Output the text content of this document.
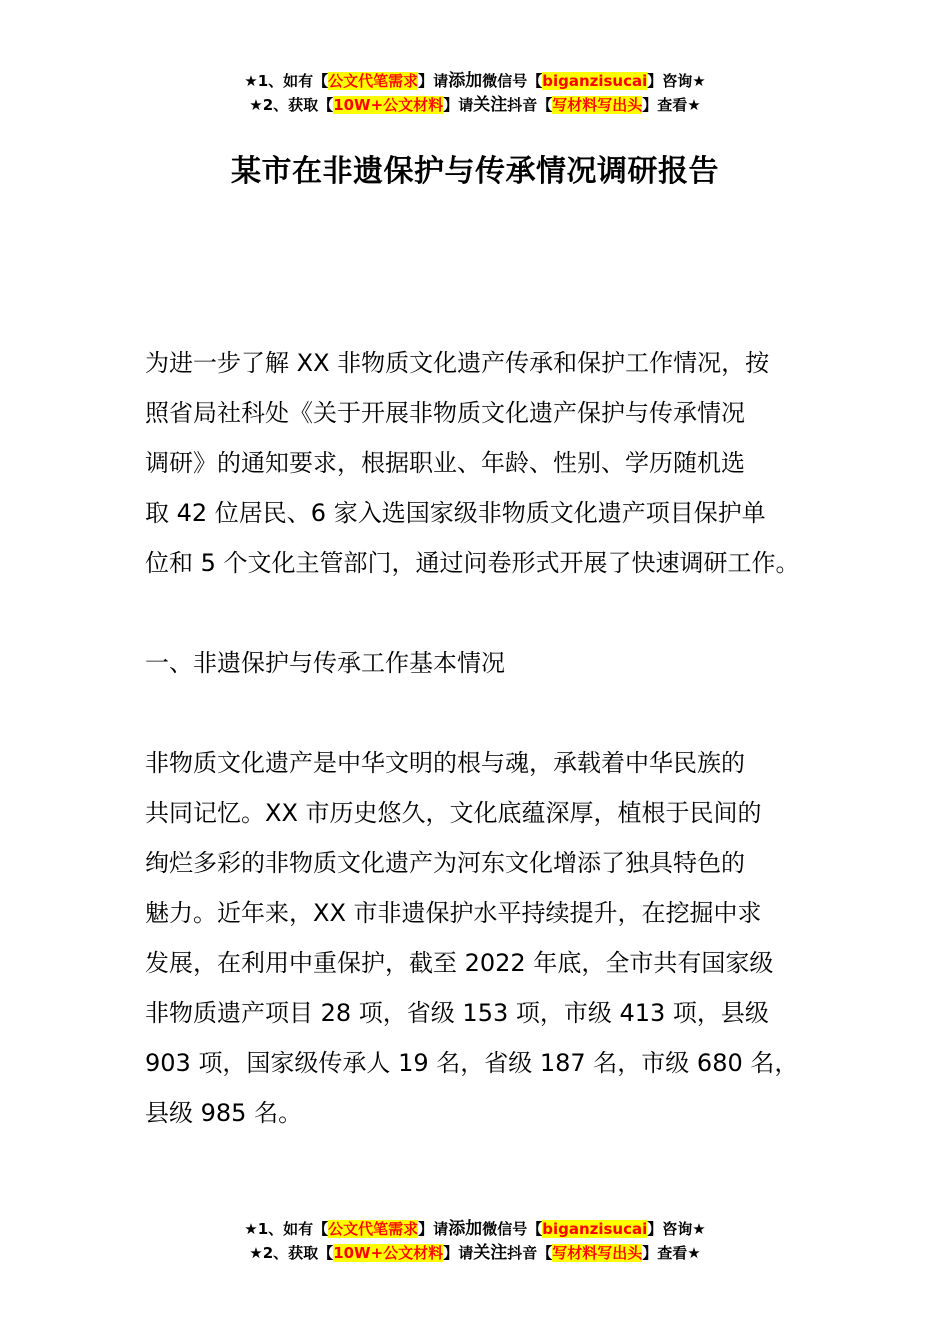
★1、如有【公文代笔需求】请添加微信号【biganzisucai】咨询★
★2、获取【10W+公文材料】请关注抖音【写材料写出头】查看★
某市在非遗保护与传承情况调研报告

为进一步了解 XX 非物质文化遗产传承和保护工作情况，按
照省局社科处《关于开展非物质文化遗产保护与传承情况
调研》的通知要求，根据职业、年龄、性别、学历随机选
取 42 位居民、6 家入选国家级非物质文化遗产项目保护单
位和 5 个文化主管部门，通过问卷形式开展了快速调研工作。

一、非遗保护与传承工作基本情况

非物质文化遗产是中华文明的根与魂，承载着中华民族的
共同记忆。XX 市历史悠久，文化底蕴深厚，植根于民间的
绚烂多彩的非物质文化遗产为河东文化增添了独具特色的
魅力。近年来，XX 市非遗保护水平持续提升，在挖掘中求
发展，在利用中重保护，截至 2022 年底，全市共有国家级
非物质遗产项目 28 项，省级 153 项，市级 413 项，县级
903 项，国家级传承人 19 名，省级 187 名，市级 680 名，
县级 985 名。

★1、如有【公文代笔需求】请添加微信号【biganzisucai】咨询★
★2、获取【10W+公文材料】请关注抖音【写材料写出头】查看★
